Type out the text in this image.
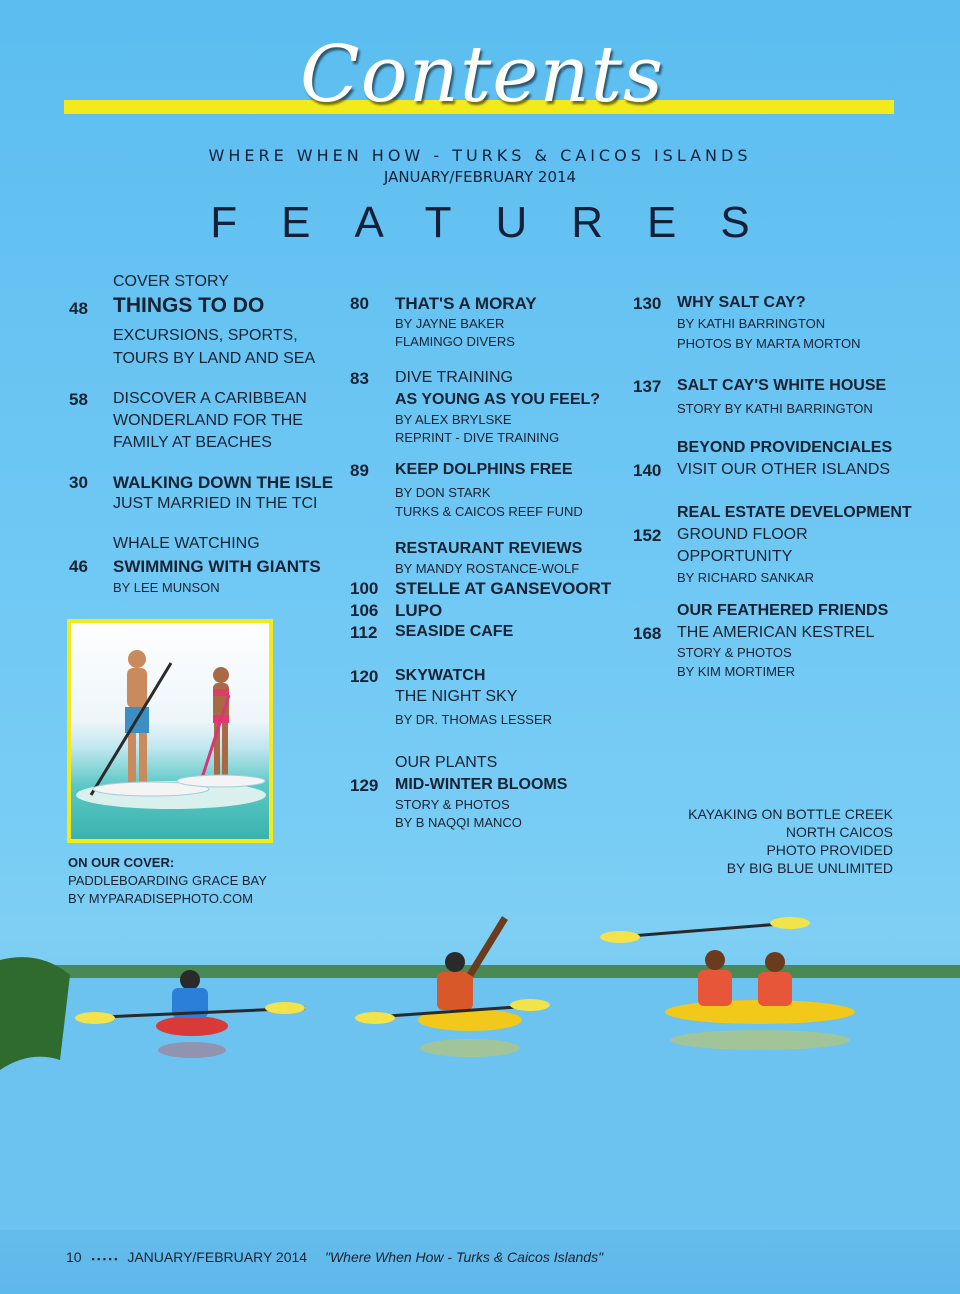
Contents
WHERE WHEN HOW - TURKS & CAICOS ISLANDS
JANUARY/FEBRUARY 2014
FEATURES
COVER STORY
48 THINGS TO DO
EXCURSIONS, SPORTS,
TOURS BY LAND AND SEA
58 DISCOVER A CARIBBEAN
WONDERLAND FOR THE
FAMILY AT BEACHES
30 WALKING DOWN THE ISLE
JUST MARRIED IN THE TCI
WHALE WATCHING
46 SWIMMING WITH GIANTS
BY LEE MUNSON
ON OUR COVER:
PADDLEBOARDING GRACE BAY
BY MYPARADISEPHOTO.COM
80 THAT'S A MORAY
BY JAYNE BAKER
FLAMINGO DIVERS
83 DIVE TRAINING
AS YOUNG AS YOU FEEL?
BY ALEX BRYLSKE
REPRINT - DIVE TRAINING
89 KEEP DOLPHINS FREE
BY DON STARK
TURKS & CAICOS REEF FUND
RESTAURANT REVIEWS
BY MANDY ROSTANCE-WOLF
100 STELLE AT GANSEVOORT
106 LUPO
112 SEASIDE CAFE
120 SKYWATCH
THE NIGHT SKY
BY DR. THOMAS LESSER
OUR PLANTS
129 MID-WINTER BLOOMS
STORY & PHOTOS
BY B NAQQI MANCO
130 WHY SALT CAY?
BY KATHI BARRINGTON
PHOTOS BY MARTA MORTON
137 SALT CAY'S WHITE HOUSE
STORY BY KATHI BARRINGTON
BEYOND PROVIDENCIALES
140 VISIT OUR OTHER ISLANDS
REAL ESTATE DEVELOPMENT
152 GROUND FLOOR
OPPORTUNITY
BY RICHARD SANKAR
OUR FEATHERED FRIENDS
168 THE AMERICAN KESTREL
STORY & PHOTOS
BY KIM MORTIMER
KAYAKING ON BOTTLE CREEK
NORTH CAICOS
PHOTO PROVIDED
BY BIG BLUE UNLIMITED
10 ▪ ▪ ▪ ▪ ▪ JANUARY/FEBRUARY 2014 "Where When How - Turks & Caicos Islands"
